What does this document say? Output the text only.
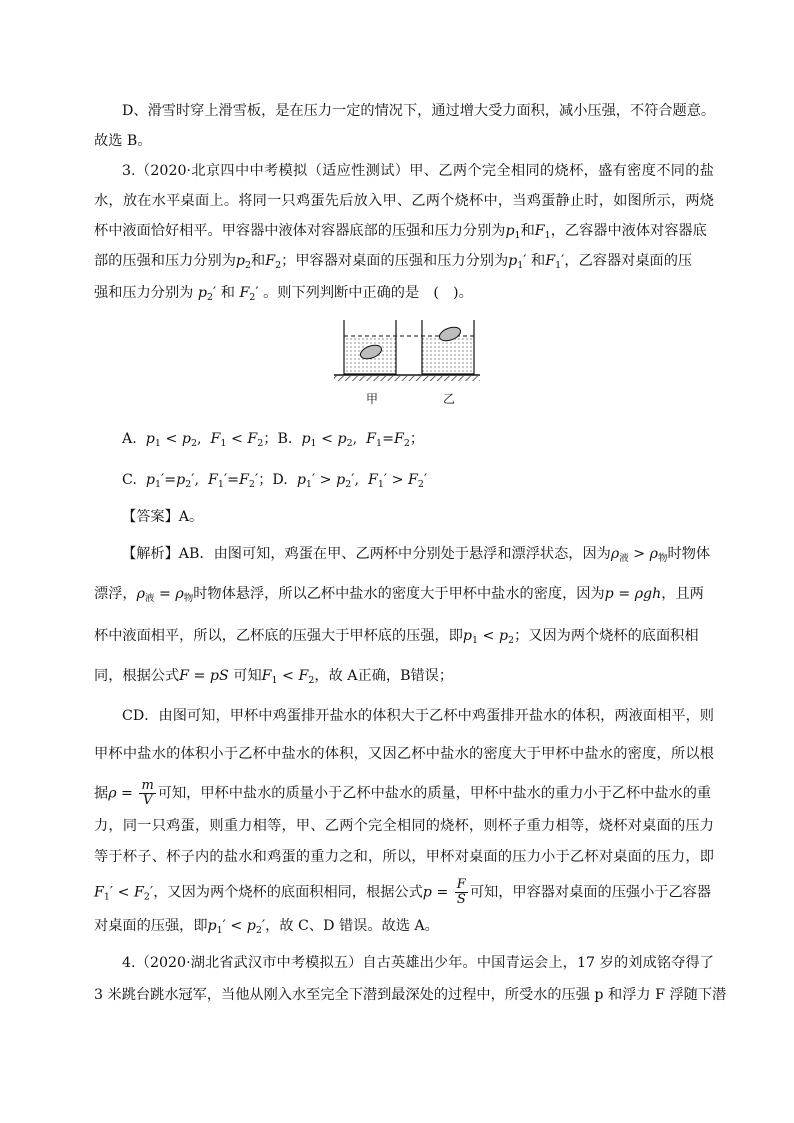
D、滑雪时穿上滑雪板，是在压力一定的情况下，通过增大受力面积，减小压强，不符合题意。
故选 B。
3.（2020·北京四中中考模拟（适应性测试）甲、乙两个完全相同的烧杯，盛有密度不同的盐
水，放在水平桌面上。将同一只鸡蛋先后放入甲、乙两个烧杯中，当鸡蛋静止时，如图所示，两烧
杯中液面恰好相平。甲容器中液体对容器底部的压强和压力分别为$p_1$和$F_1$，乙容器中液体对容器底
部的压强和压力分别为$p_2$和$F_2$；甲容器对桌面的压强和压力分别为$p_1'$ 和$F_1'$，乙容器对桌面的压
强和压力分别为 $p_2'$ 和 $F_2'$ 。则下列判断中正确的是　(　)。
甲	乙
A. $p_1 < p_2$,  $F_1 < F_2$；B. $p_1 < p_2$,  $F_1=F_2$；
C. $p_1'=p_2'$,  $F_1'=F_2'$；D. $p_1' > p_2'$,  $F_1' > F_2'$
【答案】A。
【解析】AB．由图可知，鸡蛋在甲、乙两杯中分别处于悬浮和漂浮状态，因为$\rho_液 > \rho_物$时物体
漂浮，$\rho_液 = \rho_物$时物体悬浮，所以乙杯中盐水的密度大于甲杯中盐水的密度，因为p = ρgh，且两
杯中液面相平，所以，乙杯底的压强大于甲杯底的压强，即$p_1 < p_2$；又因为两个烧杯的底面积相
同，根据公式F = pS 可知$F_1 < F_2$，故 A正确，B错误；
CD．由图可知，甲杯中鸡蛋排开盐水的体积大于乙杯中鸡蛋排开盐水的体积，两液面相平，则
甲杯中盐水的体积小于乙杯中盐水的体积，又因乙杯中盐水的密度大于甲杯中盐水的密度，所以根
据$\rho = \frac{m}{V}$ 可知，甲杯中盐水的质量小于乙杯中盐水的质量，甲杯中盐水的重力小于乙杯中盐水的重
力，同一只鸡蛋，则重力相等，甲、乙两个完全相同的烧杯，则杯子重力相等，烧杯对桌面的压力
等于杯子、杯子内的盐水和鸡蛋的重力之和，所以，甲杯对桌面的压力小于乙杯对桌面的压力，即
$F_1' < F_2'$，又因为两个烧杯的底面积相同，根据公式$p = \frac{F}{S}$ 可知，甲容器对桌面的压强小于乙容器
对桌面的压强，即$p_1' < p_2'$，故 C、D 错误。故选 A。
4.（2020·湖北省武汉市中考模拟五）自古英雄出少年。中国青运会上，17 岁的刘成铭夺得了
3 米跳台跳水冠军，当他从刚入水至完全下潜到最深处的过程中，所受水的压强 p 和浮力 F 浮随下潜
